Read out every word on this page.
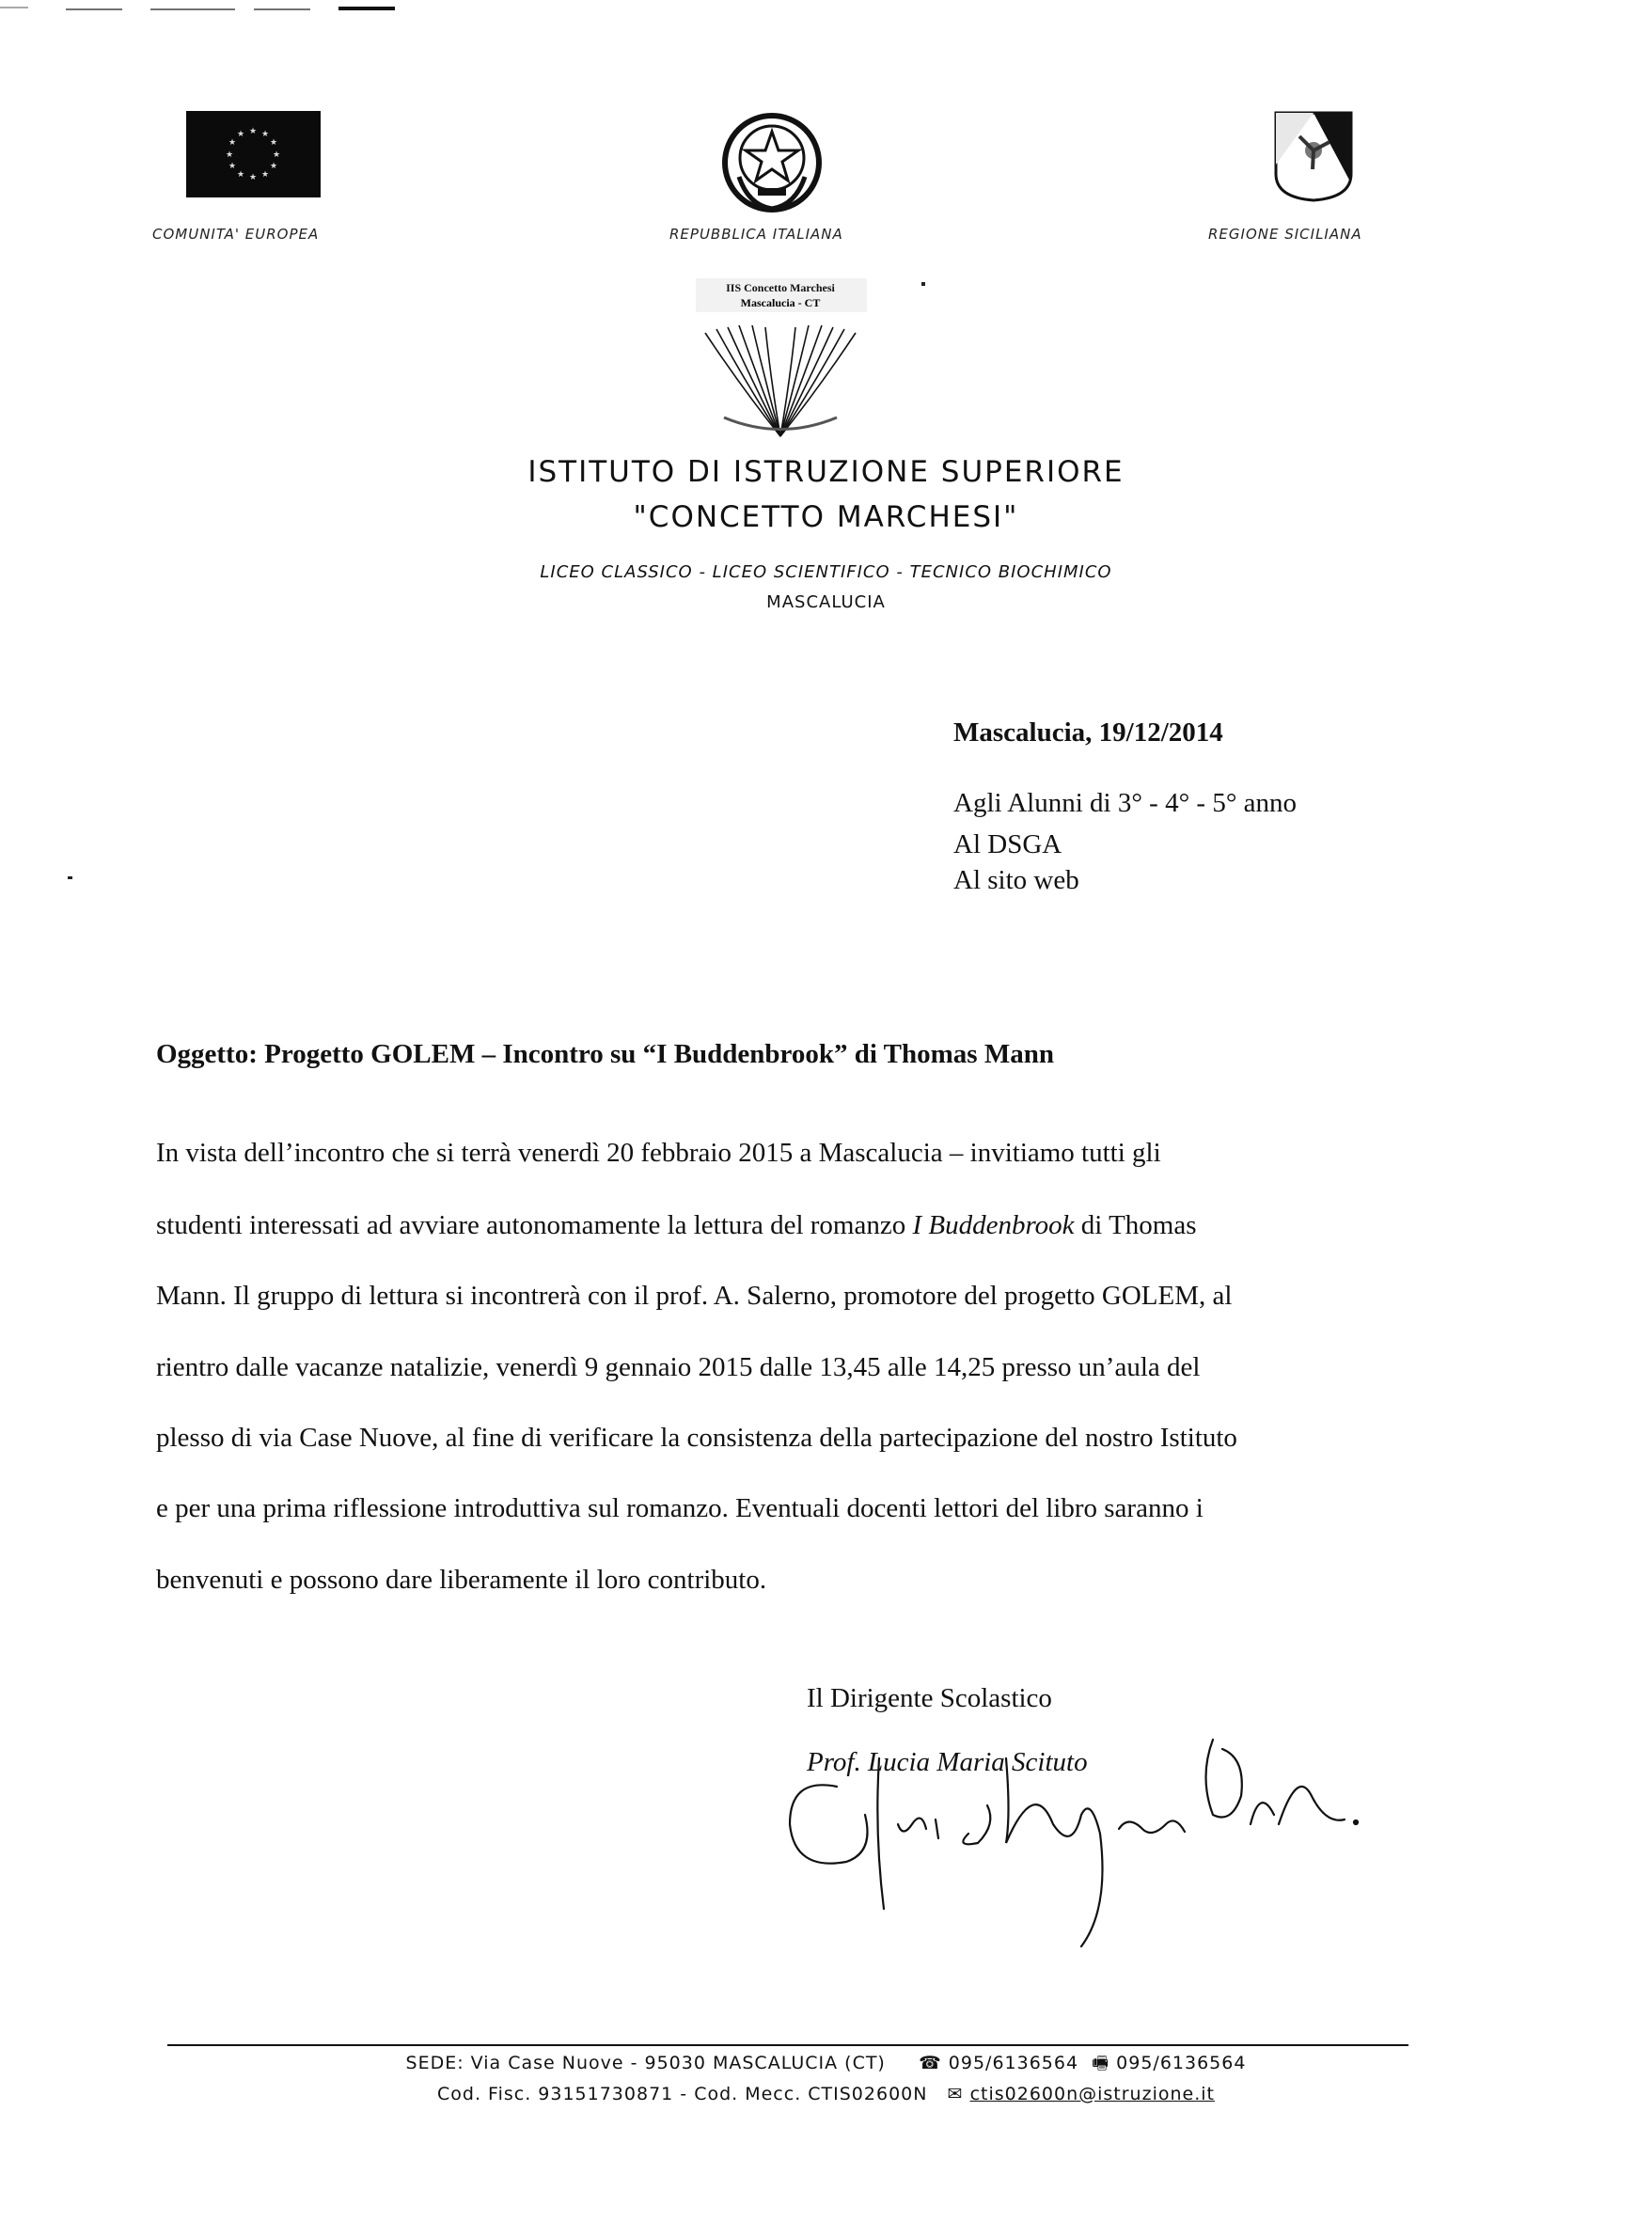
★ ★
★
★
★
★
★
★
★
★
★
★
COMUNITA' EUROPEA	REPUBBLICA ITALIANA	REGIONE SICILIANA
IIS Concetto Marchesi
Mascalucia - CT
ISTITUTO DI ISTRUZIONE SUPERIORE
"CONCETTO MARCHESI"
LICEO CLASSICO - LICEO SCIENTIFICO - TECNICO BIOCHIMICO
MASCALUCIA
Mascalucia, 19/12/2014
Agli Alunni di 3° - 4° - 5° anno
Al DSGA
Al sito web
Oggetto: Progetto GOLEM – Incontro su “I Buddenbrook” di Thomas Mann
In vista dell’incontro che si terrà venerdì 20 febbraio 2015 a Mascalucia – invitiamo tutti gli
studenti interessati ad avviare autonomamente la lettura del romanzo I Buddenbrook di Thomas
Mann. Il gruppo di lettura si incontrerà con il prof. A. Salerno, promotore del progetto GOLEM, al
rientro dalle vacanze natalizie, venerdì 9 gennaio 2015 dalle 13,45 alle 14,25 presso un’aula del
plesso di via Case Nuove, al fine di verificare la consistenza della partecipazione del nostro Istituto
e per una prima riflessione introduttiva sul romanzo. Eventuali docenti lettori del libro saranno i
benvenuti e possono dare liberamente il loro contributo.
Il Dirigente Scolastico
Prof. Lucia Maria Scituto
SEDE: Via Case Nuove - 95030 MASCALUCIA (CT) ☎ 095/6136564 🖷 095/6136564
Cod. Fisc. 93151730871 - Cod. Mecc. CTIS02600N ✉ ctis02600n@istruzione.it
